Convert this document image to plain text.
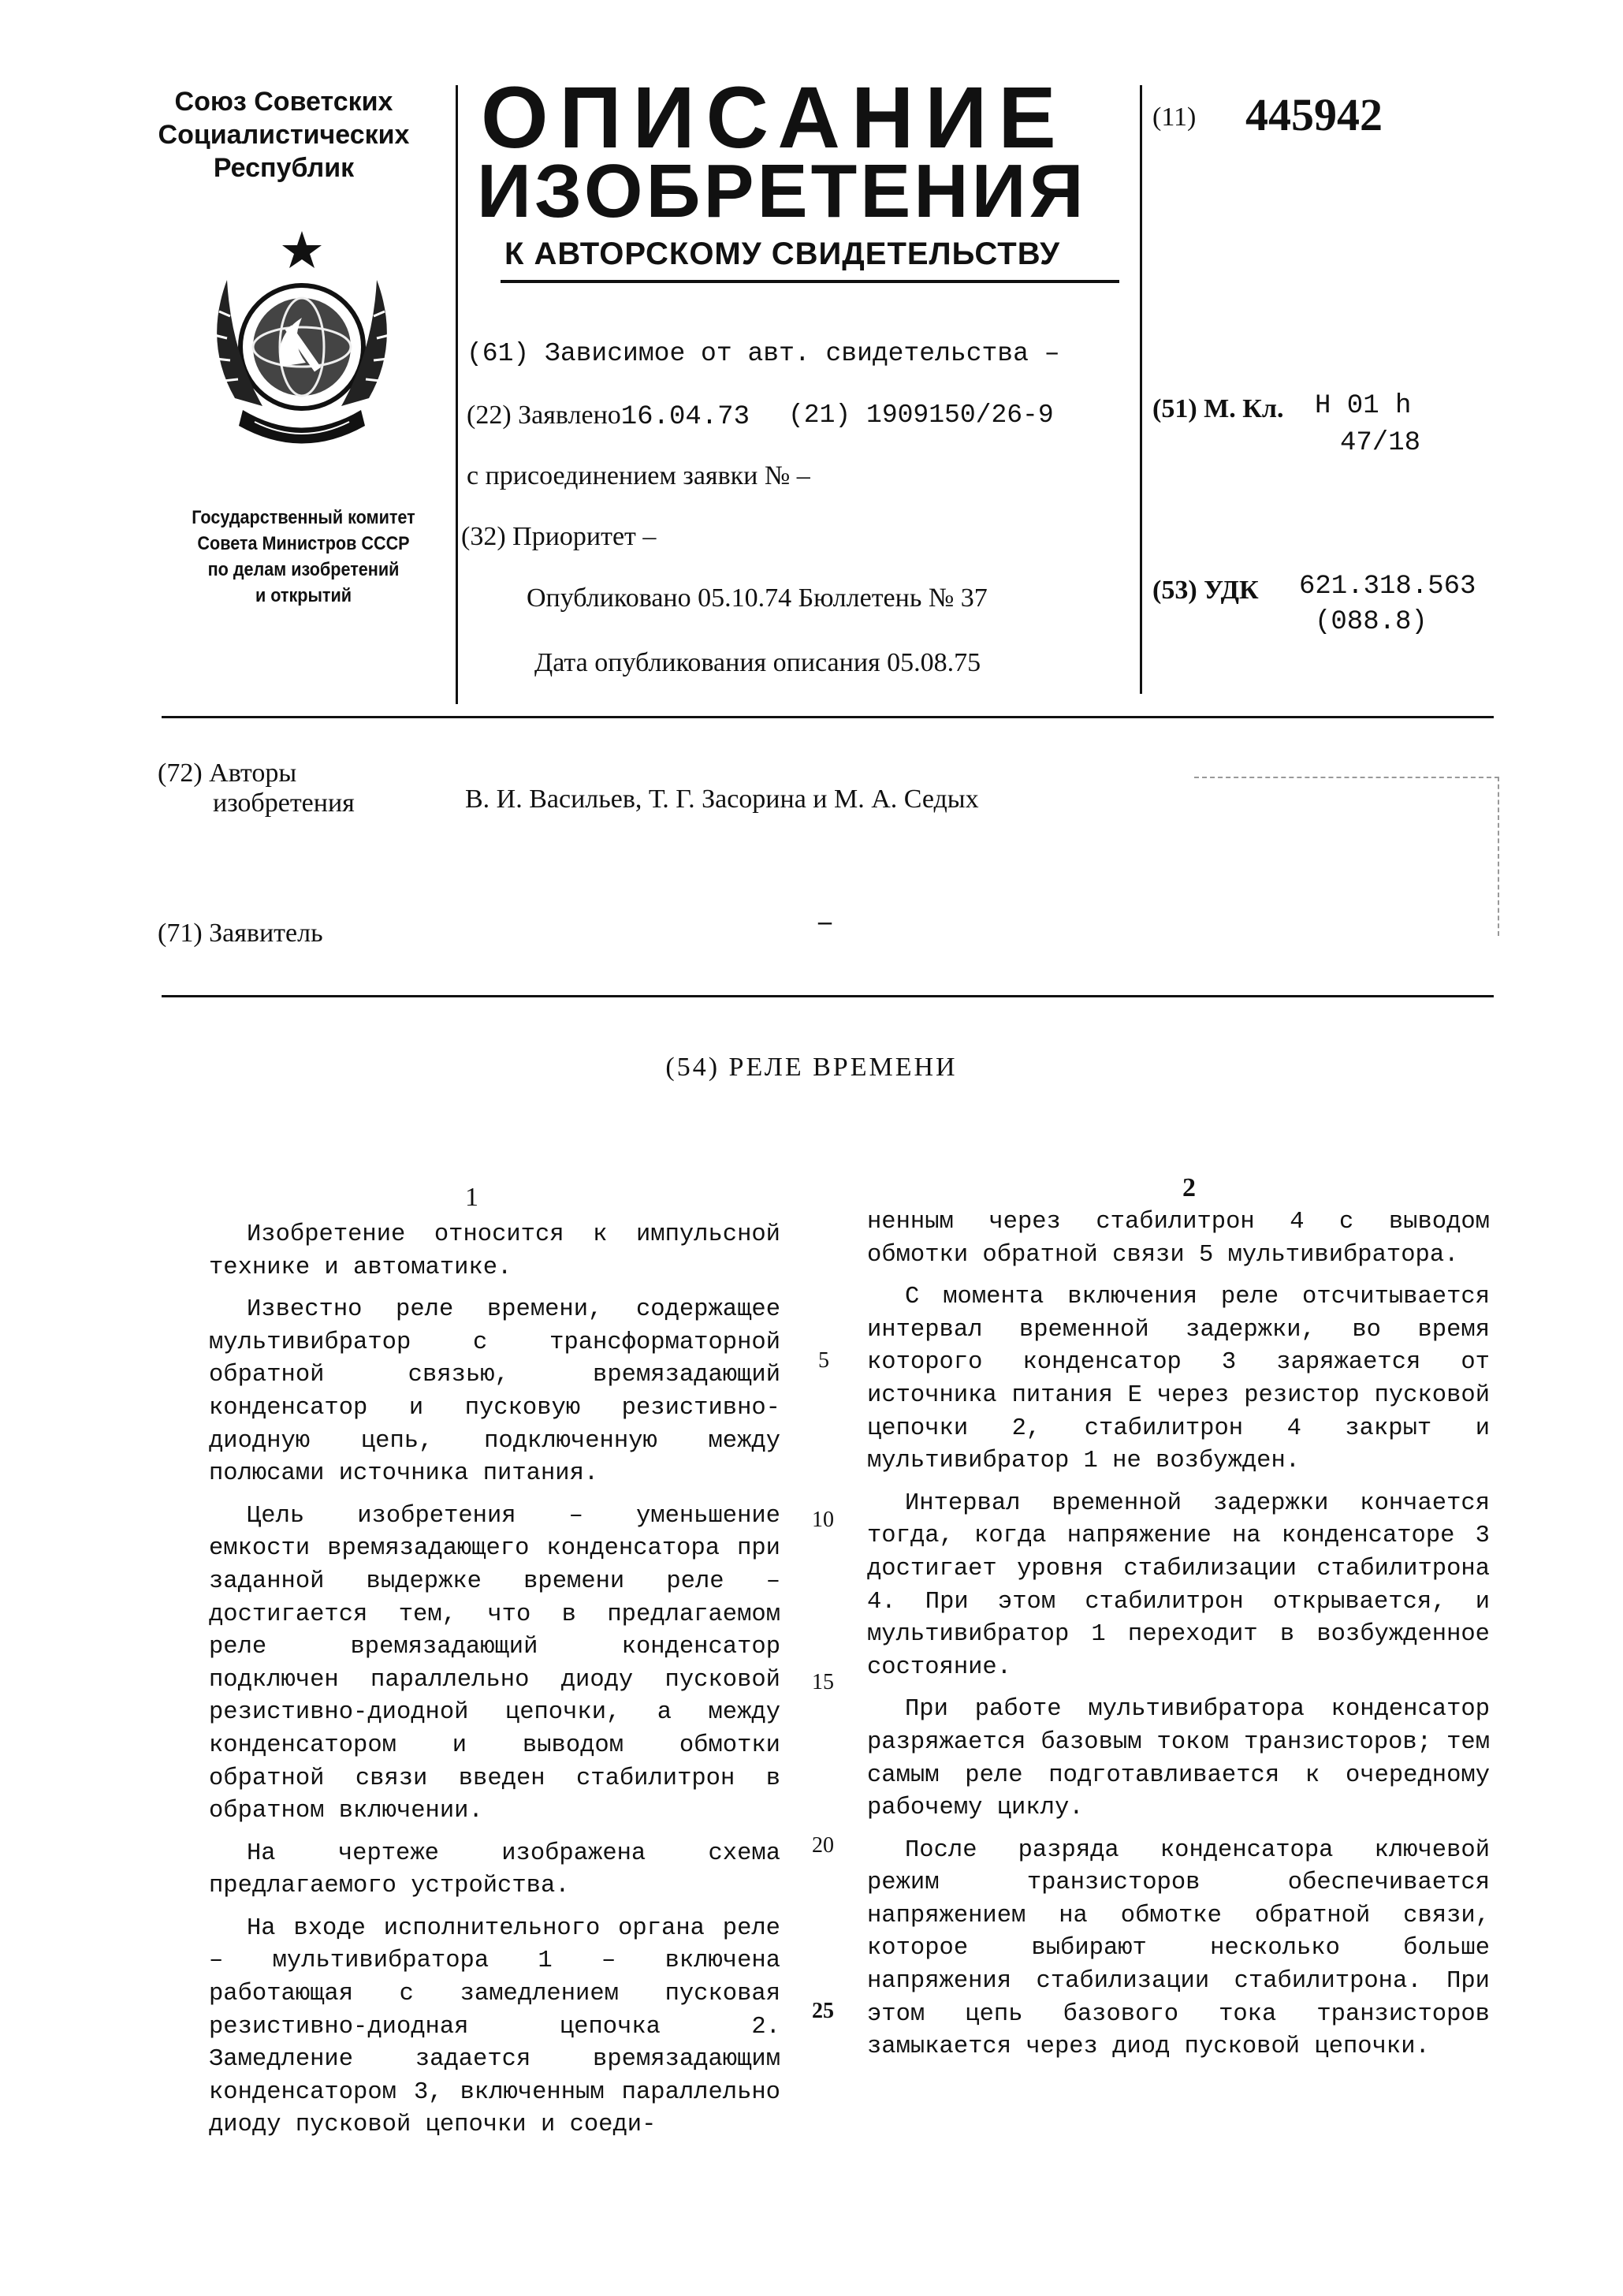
Союз Советских
Социалистических
Республик
Государственный комитет
Совета Министров СССР
по делам изобретений
и открытий
ОПИСАНИЕ
ИЗОБРЕТЕНИЯ
К АВТОРСКОМУ СВИДЕТЕЛЬСТВУ
(11) 445942
(61) Зависимое от авт. свидетельства –
(22) Заявлено16.04.73 (21) 1909150/26-9
с присоединением заявки № –
(32) Приоритет –
Опубликовано 05.10.74 Бюллетень № 37
Дата опубликования описания 05.08.75
(51) М. Кл. H 01 h
47/18
(53) УДК 621.318.563
(088.8)
(72) Авторы
изобретения	В. И. Васильев, Т. Г. Засорина и М. А. Седых
(71) Заявитель	–
(54) РЕЛЕ ВРЕМЕНИ
1	2

Изобретение относится к импульсной технике и автоматике.

Известно реле времени, содержащее мультивибратор с трансформаторной обратной связью, времязадающий конденсатор и пусковую резистивно-диодную цепь, подключенную между полюсами источника питания.

Цель изобретения – уменьшение емкости времязадающего конденсатора при заданной выдержке времени реле – достигается тем, что в предлагаемом реле времязадающий конденсатор подключен параллельно диоду пусковой резистивно-диодной цепочки, а между конденсатором и выводом обмотки обратной связи введен стабилитрон в обратном включении.

На чертеже изображена схема предлагаемого устройства.

На входе исполнительного органа реле – мультивибратора 1 – включена работающая с замедлением пусковая резистивно-диодная цепочка 2. Замедление задается времязадающим конденсатором 3, включенным параллельно диоду пусковой цепочки и соеди-

5
10
15
20
25

ненным через стабилитрон 4 с выводом обмотки обратной связи 5 мультивибратора.

С момента включения реле отсчитывается интервал временной задержки, во время которого конденсатор 3 заряжается от источника питания Е через резистор пусковой цепочки 2, стабилитрон 4 закрыт и мультивибратор 1 не возбужден.

Интервал временной задержки кончается тогда, когда напряжение на конденсаторе 3 достигает уровня стабилизации стабилитрона 4. При этом стабилитрон открывается, и мультивибратор 1 переходит в возбужденное состояние.

При работе мультивибратора конденсатор разряжается базовым током транзисторов; тем самым реле подготавливается к очередному рабочему циклу.

После разряда конденсатора ключевой режим транзисторов обеспечивается напряжением на обмотке обратной связи, которое выбирают несколько больше напряжения стабилизации стабилитрона. При этом цепь базового тока транзисторов замыкается через диод пусковой цепочки.
